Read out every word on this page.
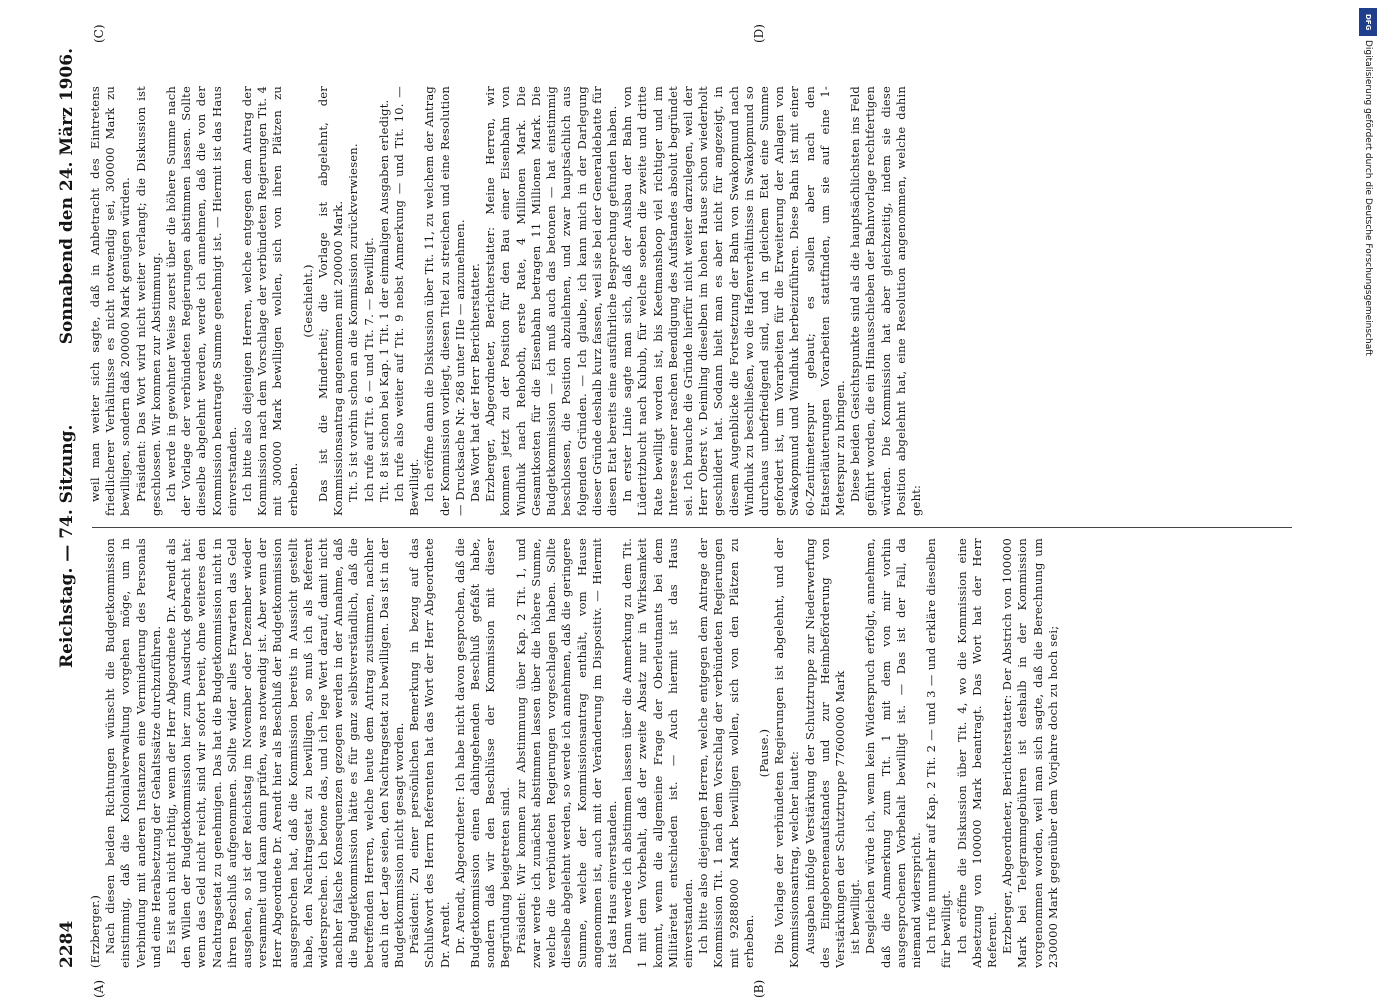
2284
Reichstag. — 74. Sitzung.
Sonnabend den 24. März 1906.
(A)	(B)
(C)	(D)

(Erzberger.) Nach diesen beiden Richtungen wünscht die Budgetkommission einstimmig, daß die Kolonialverwaltung vorgehen möge, um in Verbindung mit anderen Instanzen eine Verminderung des Personals und eine Herabsetzung der Gehaltssätze durchzuführen. Es ist auch nicht richtig, wenn der Herr Abgeordnete Dr. Arendt als den Willen der Budgetkommission hier zum Ausdruck gebracht hat: wenn das Geld nicht reicht, sind wir sofort bereit, ohne weiteres den Nachtragsetat zu genehmigen. Das hat die Budgetkommission nicht in ihren Beschluß aufgenommen. Sollte wider alles Erwarten das Geld ausgehen, so ist der Reichstag im November oder Dezember wieder versammelt und kann dann prüfen, was notwendig ist. Aber wenn der Herr Abgeordnete Dr. Arendt hier als Beschluß der Budgetkommission ausgesprochen hat, daß die Kommission bereits in Aussicht gestellt habe, den Nachtragsetat zu bewilligen, so muß ich als Referent widersprechen. Ich betone das, und ich lege Wert darauf, damit nicht nachher falsche Konsequenzen gezogen werden in der Annahme, daß die Budgetkommission hätte es für ganz selbstverständlich, daß die betreffenden Herren, welche heute dem Antrag zustimmen, nachher auch in der Lage seien, den Nachtragsetat zu bewilligen. Das ist in der Budgetkommission nicht gesagt worden. Präsident: Zu einer persönlichen Bemerkung in bezug auf das Schlußwort des Herrn Referenten hat das Wort der Herr Abgeordnete Dr. Arendt. Dr. Arendt, Abgeordneter: Ich habe nicht davon gesprochen, daß die Budgetkommission einen dahingehenden Beschluß gefaßt habe, sondern daß wir den Beschlüsse der Kommission mit dieser Begründung beigetreten sind. Präsident: Wir kommen zur Abstimmung über Kap. 2 Tit. 1, und zwar werde ich zunächst abstimmen lassen über die höhere Summe, welche die verbündeten Regierungen vorgeschlagen haben. Sollte dieselbe abgelehnt werden, so werde ich annehmen, daß die geringere Summe, welche der Kommissionsantrag enthält, vom Hause angenommen ist, auch mit der Veränderung im Dispositiv. — Hiermit ist das Haus einverstanden. Dann werde ich abstimmen lassen über die Anmerkung zu dem Tit. 1 mit dem Vorbehalt, daß der zweite Absatz nur in Wirksamkeit kommt, wenn die allgemeine Frage der Oberleutnants bei dem Militäretat entschieden ist. — Auch hiermit ist das Haus einverstanden. Ich bitte also diejenigen Herren, welche entgegen dem Antrage der Kommission Tit. 1 nach dem Vorschlag der verbündeten Regierungen mit 92888000 Mark bewilligen wollen, sich von den Plätzen zu erheben.

(Pause.) Die Vorlage der verbündeten Regierungen ist abgelehnt, und der Kommissionsantrag, welcher lautet: Ausgaben infolge Verstärkung der Schutztruppe zur Niederwerfung des Eingeborenenaufstandes und zur Heimbeförderung von Verstärkungen der Schutztruppe 77600000 Mark ist bewilligt. Desgleichen würde ich, wenn kein Widerspruch erfolgt, annehmen, daß die Anmerkung zum Tit. 1 mit dem von mir vorhin ausgesprochenen Vorbehalt bewilligt ist. — Das ist der Fall, da niemand widerspricht. Ich rufe nunmehr auf Kap. 2 Tit. 2 — und 3 — und erkläre dieselben für bewilligt. Ich eröffne die Diskussion über Tit. 4, wo die Kommission eine Absetzung von 100000 Mark beantragt. Das Wort hat der Herr Referent. Erzberger, Abgeordneter, Berichterstatter: Der Abstrich von 100000 Mark bei Telegrammgebühren ist deshalb in der Kommission vorgenommen worden, weil man sich sagte, daß die Berechnung um 230000 Mark gegenüber dem Vorjahre doch zu hoch sei;

weil man weiter sich sagte, daß in Anbetracht des Eintretens friedlicherer Verhältnisse es nicht notwendig sei, 300000 Mark zu bewilligen, sondern daß 200000 Mark genügen würden. Präsident: Das Wort wird nicht weiter verlangt; die Diskussion ist geschlossen. Wir kommen zur Abstimmung. Ich werde in gewohnter Weise zuerst über die höhere Summe nach der Vorlage der verbündeten Regierungen abstimmen lassen. Sollte dieselbe abgelehnt werden, werde ich annehmen, daß die von der Kommission beantragte Summe genehmigt ist. — Hiermit ist das Haus einverstanden. Ich bitte also diejenigen Herren, welche entgegen dem Antrag der Kommission nach dem Vorschlage der verbündeten Regierungen Tit. 4 mit 300000 Mark bewilligen wollen, sich von ihren Plätzen zu erheben.

(Geschieht.) Das ist die Minderheit; die Vorlage ist abgelehnt, der Kommissionsantrag angenommen mit 200000 Mark. Tit. 5 ist vorhin schon an die Kommission zurückverwiesen. Ich rufe auf Tit. 6 — und Tit. 7. — Bewilligt. Tit. 8 ist schon bei Kap. 1 Tit. 1 der einmaligen Ausgaben erledigt. Ich rufe also weiter auf Tit. 9 nebst Anmerkung — und Tit. 10. — Bewilligt. Ich eröffne dann die Diskussion über Tit. 11, zu welchem der Antrag der Kommission vorliegt, diesen Titel zu streichen und eine Resolution — Drucksache Nr. 268 unter IIIe — anzunehmen. Das Wort hat der Herr Berichterstatter. Erzberger, Abgeordneter, Berichterstatter: Meine Herren, wir kommen jetzt zu der Position für den Bau einer Eisenbahn von Windhuk nach Rehoboth, erste Rate, 4 Millionen Mark. Die Gesamtkosten für die Eisenbahn betragen 11 Millionen Mark. Die Budgetkommission — ich muß auch das betonen — hat einstimmig beschlossen, die Position abzulehnen, und zwar hauptsächlich aus folgenden Gründen. — Ich glaube, ich kann mich in der Darlegung dieser Gründe deshalb kurz fassen, weil sie bei der Generaldebatte für diesen Etat bereits eine ausführliche Besprechung gefunden haben. In erster Linie sagte man sich, daß der Ausbau der Bahn von Lüderitzbucht nach Kubub, für welche soeben die zweite und dritte Rate bewilligt worden ist, bis Keetmanshoop viel richtiger und im Interesse einer raschen Beendigung des Aufstandes absolut begründet sei. Ich brauche die Gründe hierfür nicht weiter darzulegen, weil der Herr Oberst v. Deimling dieselben im hohen Hause schon wiederholt geschildert hat. Sodann hielt man es aber nicht für angezeigt, in diesem Augenblicke die Fortsetzung der Bahn von Swakopmund nach Windhuk zu beschließen, wo die Hafenverhältnisse in Swakopmund so durchaus unbefriedigend sind, und in gleichem Etat eine Summe gefordert ist, um Vorarbeiten für die Erweiterung der Anlagen von Swakopmund und Windhuk herbeizuführen. Diese Bahn ist mit einer 60-Zentimeterspur gebaut; es sollen aber nach den Etatserläuterungen Vorarbeiten stattfinden, um sie auf eine 1-Meterspur zu bringen. Diese beiden Gesichtspunkte sind als die hauptsächlichsten ins Feld geführt worden, die ein Hinausschieben der Bahnvorlage rechtfertigen würden. Die Kommission hat aber gleichzeitig, indem sie diese Position abgelehnt hat, eine Resolution angenommen, welche dahin geht:

DFG
Digitalisierung gefördert durch die Deutsche Forschungsgemeinschaft
